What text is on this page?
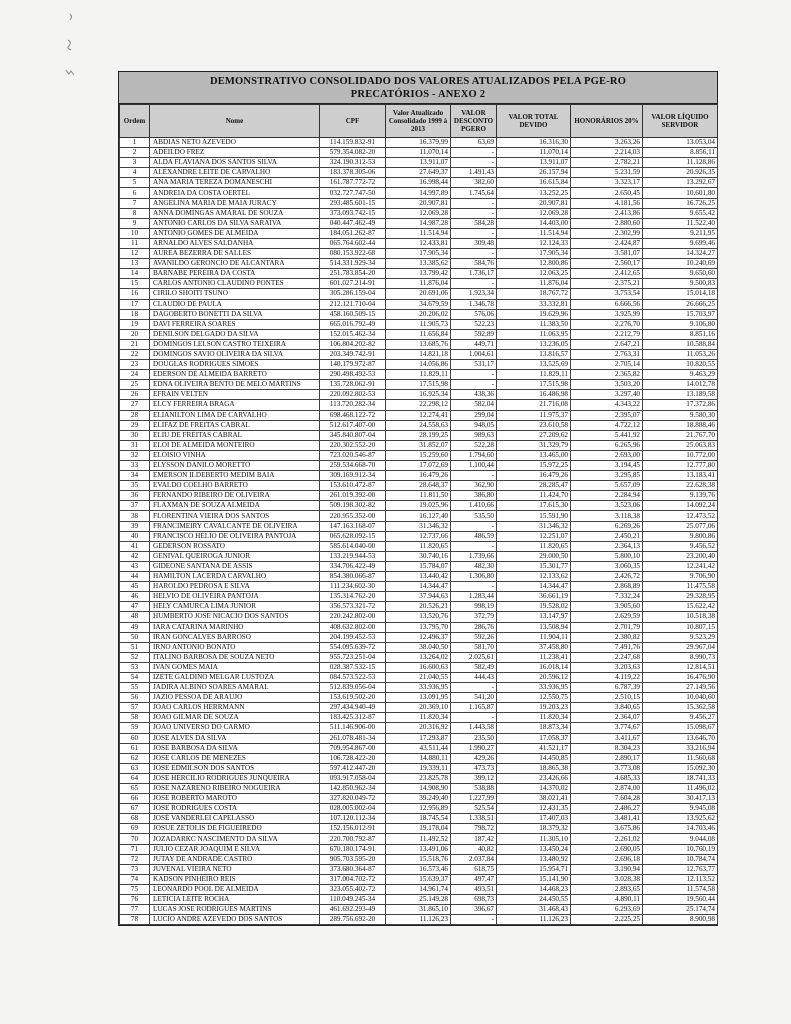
DEMONSTRATIVO CONSOLIDADO DOS VALORES ATUALIZADOS PELA PGE-RO
PRECATÓRIOS - ANEXO 2
Ordem	Nome	CPF	Valor Atualizado Consolidado 1999 à 2013	VALOR DESCONTO PGERO	VALOR TOTAL DEVIDO	HONORÁRIOS 20%	VALOR LÍQUIDO SERVIDOR
1	ABDIAS NETO AZEVEDO	114.159.832-91	16.379,99	63,69	16.316,30	3.263,26	13.053,04
2	ADEILDO FREZ	579.354.082-20	11.070,14	-	11.070,14	2.214,03	8.856,11
3	ALDA FLAVIANA DOS SANTOS SILVA	324.190.312-53	13.911,07	-	13.911,07	2.782,21	11.128,86
4	ALEXANDRE LEITE DE CARVALHO	183.378.305-06	27.649,37	1.491,43	26.157,94	5.231,59	20.926,35
5	ANA MARIA TEREZA DOMANESCHI	161.787.772-72	16.998,44	382,60	16.615,84	3.323,17	13.292,67
6	ANDREIA DA COSTA OERTEL	032.727.747-50	14.997,89	1.745,64	13.252,25	2.650,45	10.601,80
7	ANGELINA MARIA DE MAIA JURACY	293.485.601-15	20.907,81	-	20.907,81	4.181,56	16.726,25
8	ANNA DOMINGAS AMARAL DE SOUZA	373.093.742-15	12.069,28	-	12.069,28	2.413,86	9.655,42
9	ANTONIO CARLOS DA SILVA SARAIVA	040.447.462-49	14.987,28	584,28	14.403,00	2.880,60	11.522,40
10	ANTONIO GOMES DE ALMEIDA	184.051.262-87	11.514,94	-	11.514,94	2.302,99	9.211,95
11	ARNALDO ALVES SALDANHA	065.764.602-44	12.433,81	309,48	12.124,33	2.424,87	9.699,46
12	AUREA BEZERRA DE SALLES	080.153.922-68	17.905,34	-	17.905,34	3.581,07	14.324,27
13	AVANILDO GERONCIO DE ALCANTARA	514.331.929-34	13.385,62	584,76	12.800,86	2.560,17	10.240,69
14	BARNABE PEREIRA DA COSTA	251.783.854-20	13.799,42	1.736,17	12.063,25	2.412,65	9.650,60
15	CARLOS ANTONIO CLAUDINO PONTES	601.027.214-91	11.876,04	-	11.876,04	2.375,21	9.500,83
16	CIRILO SHOITI TSUNO	305.286.159-04	20.691,06	1.923,34	18.767,72	3.753,54	15.014,18
17	CLAUDIO DE PAULA	212.121.710-04	34.679,59	1.346,78	33.332,81	6.666,56	26.666,25
18	DAGOBERTO BONETTI DA SILVA	458.160.509-15	20.206,02	576,06	19.629,96	3.925,99	15.703,97
19	DAVI FERREIRA SOARES	665.016.792-49	11.905,73	522,23	11.383,50	2.276,70	9.106,80
20	DENILSON DELGADO DA SILVA	152.015.462-34	11.656,84	592,89	11.063,95	2.212,79	8.851,16
21	DOMINGOS LELSON CASTRO TEIXEIRA	106.804.202-82	13.685,76	449,71	13.236,05	2.647,21	10.588,84
22	DOMINGOS SAVIO OLIVEIRA DA SILVA	203.349.742-91	14.821,18	1.004,61	13.816,57	2.763,31	11.053,26
23	DOUGLAS RODRIGUES SIMOES	140.179.972-87	14.056,86	531,17	13.525,69	2.705,14	10.820,55
24	EDERSON DE ALMEIDA BARRETO	290.498.492-53	11.829,11	-	11.829,11	2.365,82	9.463,29
25	EDNA OLIVEIRA BENTO DE MELO MARTINS	135.728.062-91	17.515,98	-	17.515,98	3.503,20	14.012,78
26	EFRAIN VELTEN	220.092.802-53	16.925,34	438,36	16.486,98	3.297,40	13.189,58
27	ELCY FERREIRA BRAGA	113.720.282-34	22.298,12	582,04	21.716,08	4.343,22	17.372,86
28	ELIANILTON LIMA DE CARVALHO	698.468.122-72	12.274,41	299,04	11.975,37	2.395,07	9.580,30
29	ELIFAZ DE FREITAS CABRAL	512.617.407-00	24.558,63	948,05	23.610,58	4.722,12	18.888,46
30	ELIU DE FREITAS CABRAL	345.840.807-04	28.199,25	989,63	27.209,62	5.441,92	21.767,70
31	ELOI DE ALMEIDA MONTEIRO	220.302.552-20	31.852,07	522,28	31.329,79	6.265,96	25.063,83
32	ELOISIO VINHA	723.020.546-87	15.259,60	1.794,60	13.465,00	2.693,00	10.772,00
33	ELYSSON DANILO MORETTO	259.534.668-70	17.072,69	1.100,44	15.972,25	3.194,45	12.777,80
34	EMERSON ILDEBERTO MEDIM BAIA	309.169.912-34	16.479,26	-	16.479,26	3.295,85	13.183,41
35	EVALDO COELHO BARRETO	153.610.472-87	28.648,37	362,90	28.285,47	5.657,09	22.628,38
36	FERNANDO RIBEIRO DE OLIVEIRA	261.019.392-00	11.811,50	386,80	11.424,70	2.284,94	9.139,76
37	FLAXMAN DE SOUZA ALMEIDA	509.198.302-82	19.025,96	1.410,66	17.615,30	3.523,06	14.092,24
38	FLORENTINA VIEIRA DOS SANTOS	220.955.352-00	16.127,40	535,50	15.591,90	3.118,38	12.473,52
39	FRANCIMEIRY CAVALCANTE DE OLIVEIRA	147.163.168-07	31.346,32	-	31.346,32	6.269,26	25.077,06
40	FRANCISCO HELIO DE OLIVEIRA PANTOJA	065.628.092-15	12.737,66	486,59	12.251,07	2.450,21	9.800,86
41	GEDERSON ROSSATO	585.614.040-00	11.820,65	-	11.820,65	2.364,13	9.456,52
42	GENIVAL QUEIROGA JUNIOR	133.219.944-53	30.740,16	1.739,66	29.000,50	5.800,10	23.200,40
43	GIDEONE SANTANA DE ASSIS	334.706.422-49	15.784,07	482,30	15.301,77	3.060,35	12.241,42
44	HAMILTON LACERDA CARVALHO	854.380.066-87	13.440,42	1.306,80	12.133,62	2.426,72	9.706,90
45	HAROLDO PEDROSA E SILVA	111.234.602-30	14.344,47	-	14.344,47	2.868,89	11.475,58
46	HELVIO DE OLIVEIRA PANTOJA	135.314.762-20	37.944,63	1.283,44	36.661,19	7.332,24	29.328,95
47	HELY CAMURCA LIMA JUNIOR	356.573.321-72	20.526,21	998,19	19.528,02	3.905,60	15.622,42
48	HUMBERTO JOSE NICACIO DOS SANTOS	220.242.802-00	13.520,76	372,79	13.147,97	2.629,59	10.518,38
49	IARA CATARINA MARINHO	408.632.802-00	13.795,70	286,76	13.508,94	2.701,79	10.807,15
50	IRAN GONCALVES BARROSO	204.199.452-53	12.496,37	592,26	11.904,11	2.380,82	9.523,29
51	IRNO ANTONIO BONATO	554.095.639-72	38.040,50	581,70	37.458,80	7.491,76	29.967,04
52	ITALINO BARBOSA DE SOUZA NETO	955.723.251-04	13.264,02	2.025,61	11.238,41	2.247,68	8.990,73
53	IVAN GOMES MAIA	028.387.532-15	16.600,63	582,49	16.018,14	3.203,63	12.814,51
54	IZETE GALDINO MELGAR LUSTOZA	084.573.522-53	21.040,55	444,43	20.596,12	4.119,22	16.476,90
55	JADIRA ALBINO SOARES AMARAL	512.839.056-04	33.936,95	-	33.936,95	6.787,39	27.149,56
56	JAZIO PESSOA DE ARAUJO	153.619.502-20	13.091,95	541,20	12.550,75	2.510,15	10.040,60
57	JOAO CARLOS HERRMANN	297.434.940-49	20.369,10	1.165,87	19.203,23	3.840,65	15.362,58
58	JOAO GILMAR DE SOUZA	183.425.312-87	11.820,34	-	11.820,34	2.364,07	9.456,27
59	JOAO UNIVERSO DO CARMO	511.146.906-00	20.316,92	1.443,58	18.873,34	3.774,67	15.098,67
60	JOSE ALVES DA SILVA	261.078.481-34	17.293,87	235,50	17.058,37	3.411,67	13.646,70
61	JOSE BARBOSA DA SILVA	709.954.867-00	43.511,44	1.990,27	41.521,17	8.304,23	33.216,94
62	JOSE CARLOS DE MENEZES	106.728.422-20	14.880,11	429,26	14.450,85	2.890,17	11.560,68
63	JOSE EDMILSON DOS SANTOS	597.412.447-20	19.339,11	473,73	18.865,38	3.773,08	15.092,30
64	JOSE HERCILIO RODRIGUES JUNQUEIRA	093.917.058-04	23.825,78	399,12	23.426,66	4.685,33	18.741,33
65	JOSE NAZARENO RIBEIRO NOGUEIRA	142.850.962-34	14.908,90	538,88	14.370,02	2.874,00	11.496,02
66	JOSE ROBERTO MAROTO	327.820.049-72	39.249,40	1.227,99	38.021,41	7.604,28	30.417,13
67	JOSE RODRIGUES COSTA	028.005.002-04	12.956,89	525,54	12.431,35	2.486,27	9.945,08
68	JOSÉ VANDERLEI CAPELASSO	107.120.112-34	18.745,54	1.338,51	17.407,03	3.481,41	13.925,62
69	JOSUE ZETOLIS DE FIGUEIREDO	152.156.012-91	19.178,04	798,72	18.379,32	3.675,86	14.703,46
70	JOZADARKC NASCIMENTO DA SILVA	220.700.792-87	11.492,52	187,42	11.305,10	2.261,02	9.044,08
71	JULIO CEZAR JOAQUIM E SILVA	670.180.174-91	13.491,06	40,82	13.450,24	2.690,05	10.760,19
72	JUTAY DE ANDRADE CASTRO	905.703.595-20	15.518,76	2.037,84	13.480,92	2.696,18	10.784,74
73	JUVENAL VIEIRA NETO	373.680.364-87	16.573,46	618,75	15.954,71	3.190,94	12.763,77
74	KADSON PINHEIRO REIS	317.004.702-72	15.639,37	497,47	15.141,90	3.028,38	12.113,52
75	LEONARDO POOL DE ALMEIDA	323.055.402-72	14.961,74	493,51	14.468,23	2.893,65	11.574,58
76	LETICIA LEITE ROCHA	110.049.245-34	25.149,28	698,73	24.450,55	4.890,11	19.560,44
77	LUCAS JOSE RODRIGUES MARTINS	461.692.293-49	31.865,10	396,67	31.468,43	6.293,69	25.174,74
78	LUCIO ANDRE AZEVEDO DOS SANTOS	289.756.692-20	11.126,23	-	11.126,23	2.225,25	8.900,98
